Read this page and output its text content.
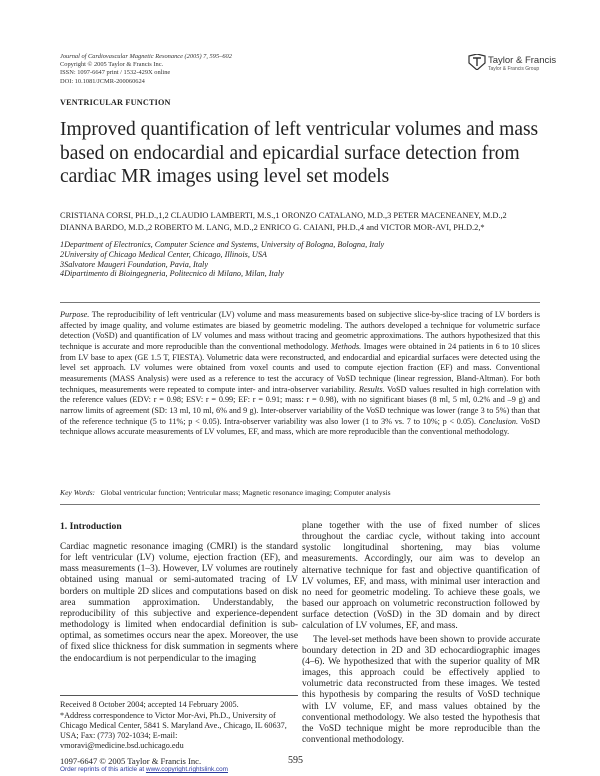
Journal of Cardiovascular Magnetic Resonance (2005) 7, 595–602
Copyright © 2005 Taylor & Francis Inc.
ISSN: 1097-6647 print / 1532-429X online
DOI: 10.1081/JCMR-200060624
Taylor & Francis
Taylor & Francis Group
VENTRICULAR FUNCTION
Improved quantification of left ventricular volumes and mass based on endocardial and epicardial surface detection from cardiac MR images using level set models
CRISTIANA CORSI, PH.D.,1,2 CLAUDIO LAMBERTI, M.S.,1 ORONZO CATALANO, M.D.,3 PETER MACENEANEY, M.D.,2
DIANNA BARDO, M.D.,2 ROBERTO M. LANG, M.D.,2 ENRICO G. CAIANI, PH.D.,4 and VICTOR MOR-AVI, PH.D.2,*
1Department of Electronics, Computer Science and Systems, University of Bologna, Bologna, Italy
2University of Chicago Medical Center, Chicago, Illinois, USA
3Salvatore Maugeri Foundation, Pavia, Italy
4Dipartimento di Bioingegneria, Politecnico di Milano, Milan, Italy
Purpose. The reproducibility of left ventricular (LV) volume and mass measurements based on subjective slice-by-slice tracing of LV borders is affected by image quality, and volume estimates are biased by geometric modeling. The authors developed a technique for volumetric surface detection (VoSD) and quantification of LV volumes and mass without tracing and geometric approximations. The authors hypothesized that this technique is accurate and more reproducible than the conventional methodology. Methods. Images were obtained in 24 patients in 6 to 10 slices from LV base to apex (GE 1.5 T, FIESTA). Volumetric data were reconstructed, and endocardial and epicardial surfaces were detected using the level set approach. LV volumes were obtained from voxel counts and used to compute ejection fraction (EF) and mass. Conventional measurements (MASS Analysis) were used as a reference to test the accuracy of VoSD technique (linear regression, Bland-Altman). For both techniques, measurements were repeated to compute inter- and intra-observer variability. Results. VoSD values resulted in high correlation with the reference values (EDV: r = 0.98; ESV: r = 0.99; EF: r = 0.91; mass: r = 0.98), with no significant biases (8 ml, 5 ml, 0.2% and –9 g) and narrow limits of agreement (SD: 13 ml, 10 ml, 6% and 9 g). Inter-observer variability of the VoSD technique was lower (range 3 to 5%) than that of the reference technique (5 to 11%; p < 0.05). Intra-observer variability was also lower (1 to 3% vs. 7 to 10%; p < 0.05). Conclusion. VoSD technique allows accurate measurements of LV volumes, EF, and mass, which are more reproducible than the conventional methodology.
Key Words: Global ventricular function; Ventricular mass; Magnetic resonance imaging; Computer analysis
1. Introduction

Cardiac magnetic resonance imaging (CMRI) is the standard for left ventricular (LV) volume, ejection fraction (EF), and mass measurements (1–3). However, LV volumes are routinely obtained using manual or semi-automated tracing of LV borders on multiple 2D slices and computations based on disk area summation approximation. Understandably, the reproducibility of this subjective and experience-dependent methodology is limited when endocardial definition is sub-optimal, as sometimes occurs near the apex. Moreover, the use of fixed slice thickness for disk summation in segments where the endocardium is not perpendicular to the imaging

plane together with the use of fixed number of slices throughout the cardiac cycle, without taking into account systolic longitudinal shortening, may bias volume measurements. Accordingly, our aim was to develop an alternative technique for fast and objective quantification of LV volumes, EF, and mass, with minimal user interaction and no need for geometric modeling. To achieve these goals, we based our approach on volumetric reconstruction followed by surface detection (VoSD) in the 3D domain and by direct calculation of LV volumes, EF, and mass.

The level-set methods have been shown to provide accurate boundary detection in 2D and 3D echocardiographic images (4–6). We hypothesized that with the superior quality of MR images, this approach could be effectively applied to volumetric data reconstructed from these images. We tested this hypothesis by comparing the results of VoSD technique with LV volume, EF, and mass values obtained by the conventional methodology. We also tested the hypothesis that the VoSD technique might be more reproducible than the conventional methodology.

Received 8 October 2004; accepted 14 February 2005.
*Address correspondence to Victor Mor-Avi, Ph.D., University of Chicago Medical Center, 5841 S. Maryland Ave., Chicago, IL 60637, USA; Fax: (773) 702-1034; E-mail: vmoravi@medicine.bsd.uchicago.edu
1097-6647 © 2005 Taylor & Francis Inc.	595
Order reprints of this article at www.copyright.rightslink.com
